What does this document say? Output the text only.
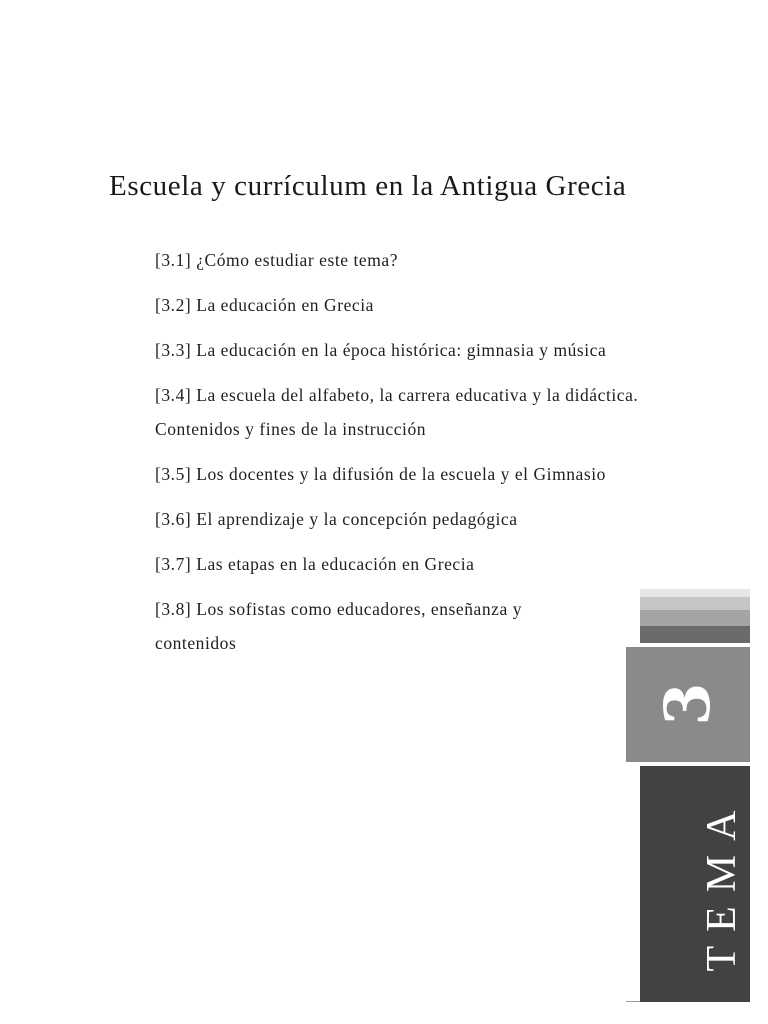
Escuela y currículum en la Antigua Grecia
[3.1] ¿Cómo estudiar este tema?
[3.2] La educación en Grecia
[3.3] La educación en la época histórica: gimnasia y música
[3.4] La escuela del alfabeto, la carrera educativa y la didáctica. Contenidos y fines de la instrucción
[3.5] Los docentes y la difusión de la escuela y el Gimnasio
[3.6] El aprendizaje y la concepción pedagógica
[3.7] Las etapas en la educación en Grecia
[3.8] Los sofistas como educadores, enseñanza y contenidos
3
TEMA
